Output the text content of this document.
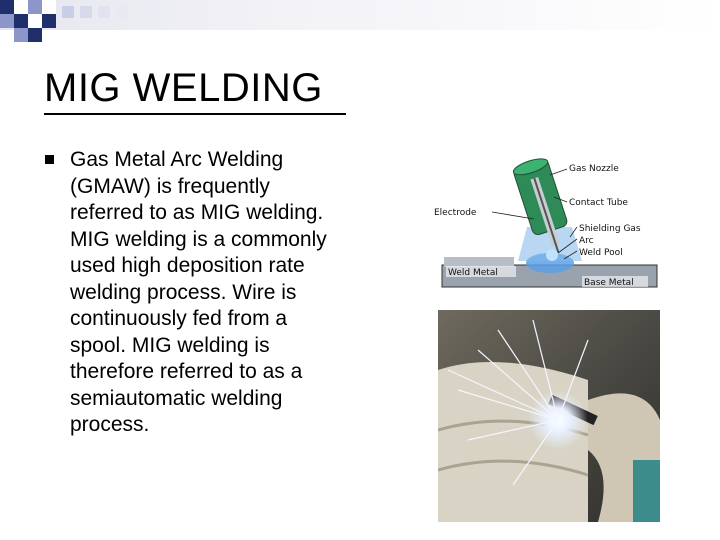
MIG WELDING

Gas Metal Arc Welding (GMAW) is frequently referred to as MIG welding. MIG welding is a commonly used high deposition rate welding process. Wire is continuously fed from a spool. MIG welding is therefore referred to as a semiautomatic welding process.

Gas Nozzle
Contact Tube
Electrode
Shielding Gas
Arc
Weld Pool
Weld Metal
Base Metal
